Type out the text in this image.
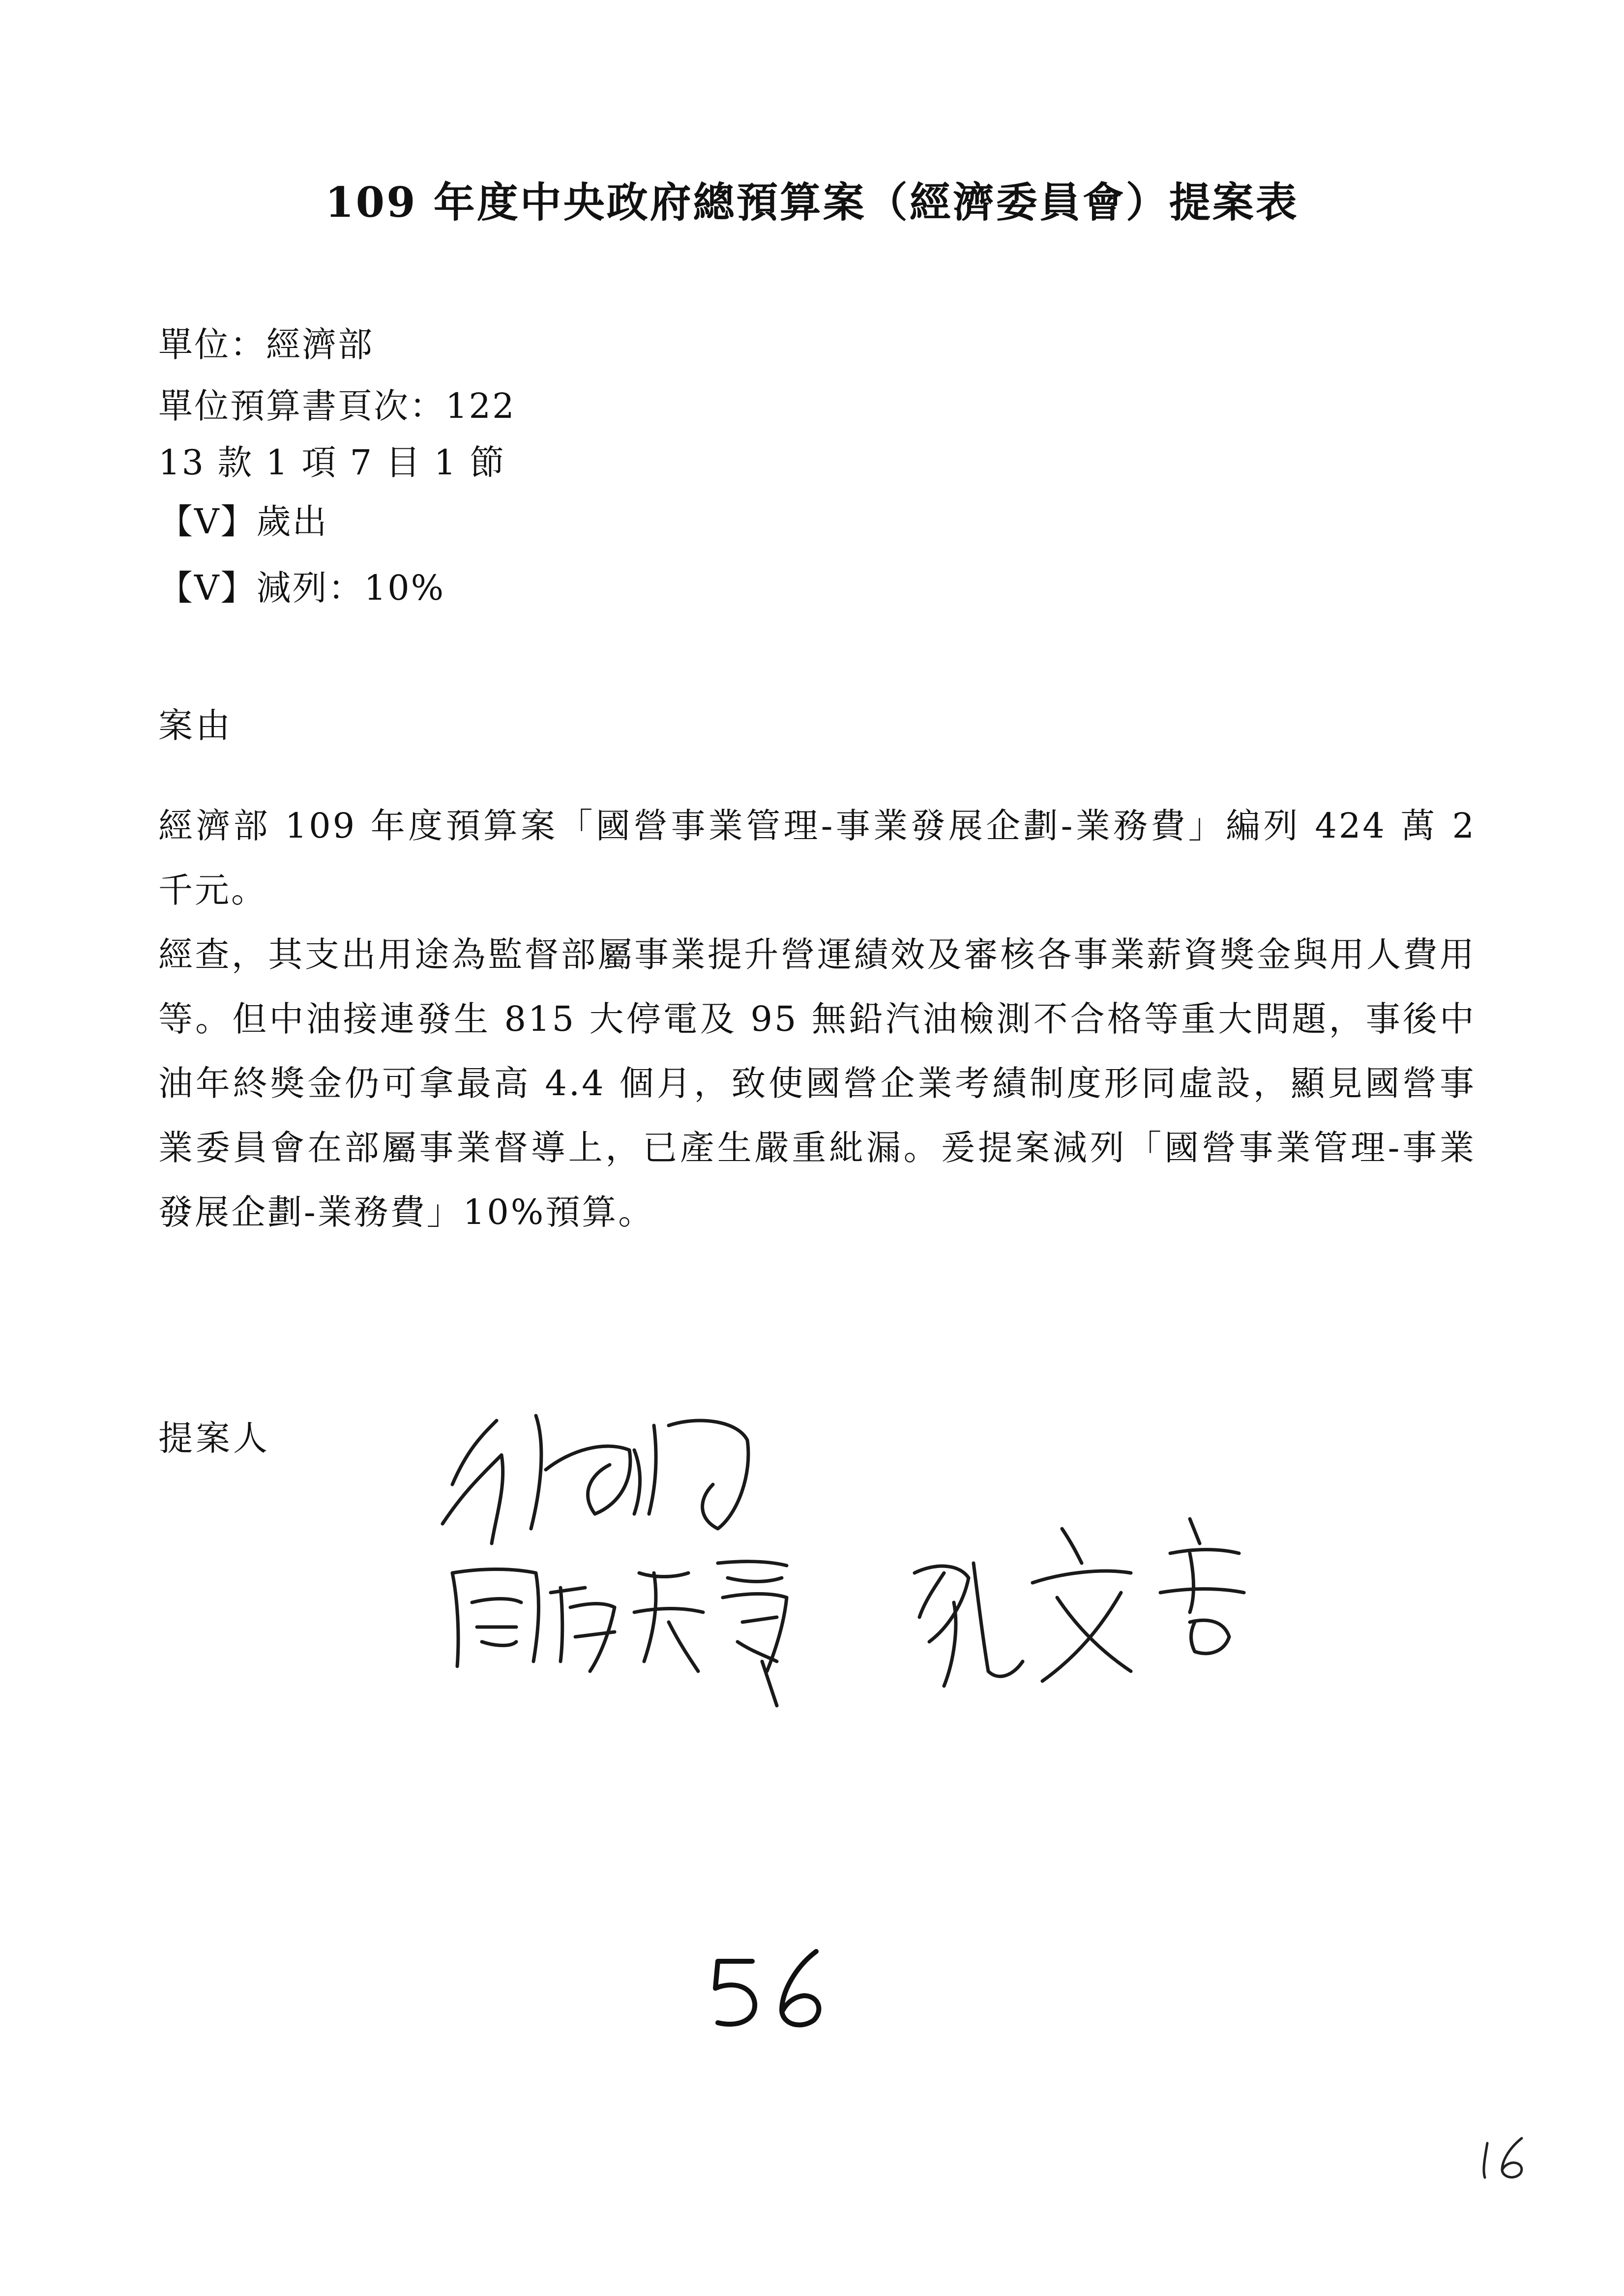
109 年度中央政府總預算案（經濟委員會）提案表
單位：經濟部
單位預算書頁次：122
13 款 1 項 7 目 1 節
【V】歲出
【V】減列：10%
案由

經濟部 109 年度預算案「國營事業管理-事業發展企劃-業務費」編列 424 萬 2 千元。

經查，其支出用途為監督部屬事業提升營運績效及審核各事業薪資獎金與用人費用等。但中油接連發生 815 大停電及 95 無鉛汽油檢測不合格等重大問題，事後中油年終獎金仍可拿最高 4.4 個月，致使國營企業考績制度形同虛設，顯見國營事業委員會在部屬事業督導上，已產生嚴重紕漏。爰提案減列「國營事業管理-事業發展企劃-業務費」10%預算。

提案人
